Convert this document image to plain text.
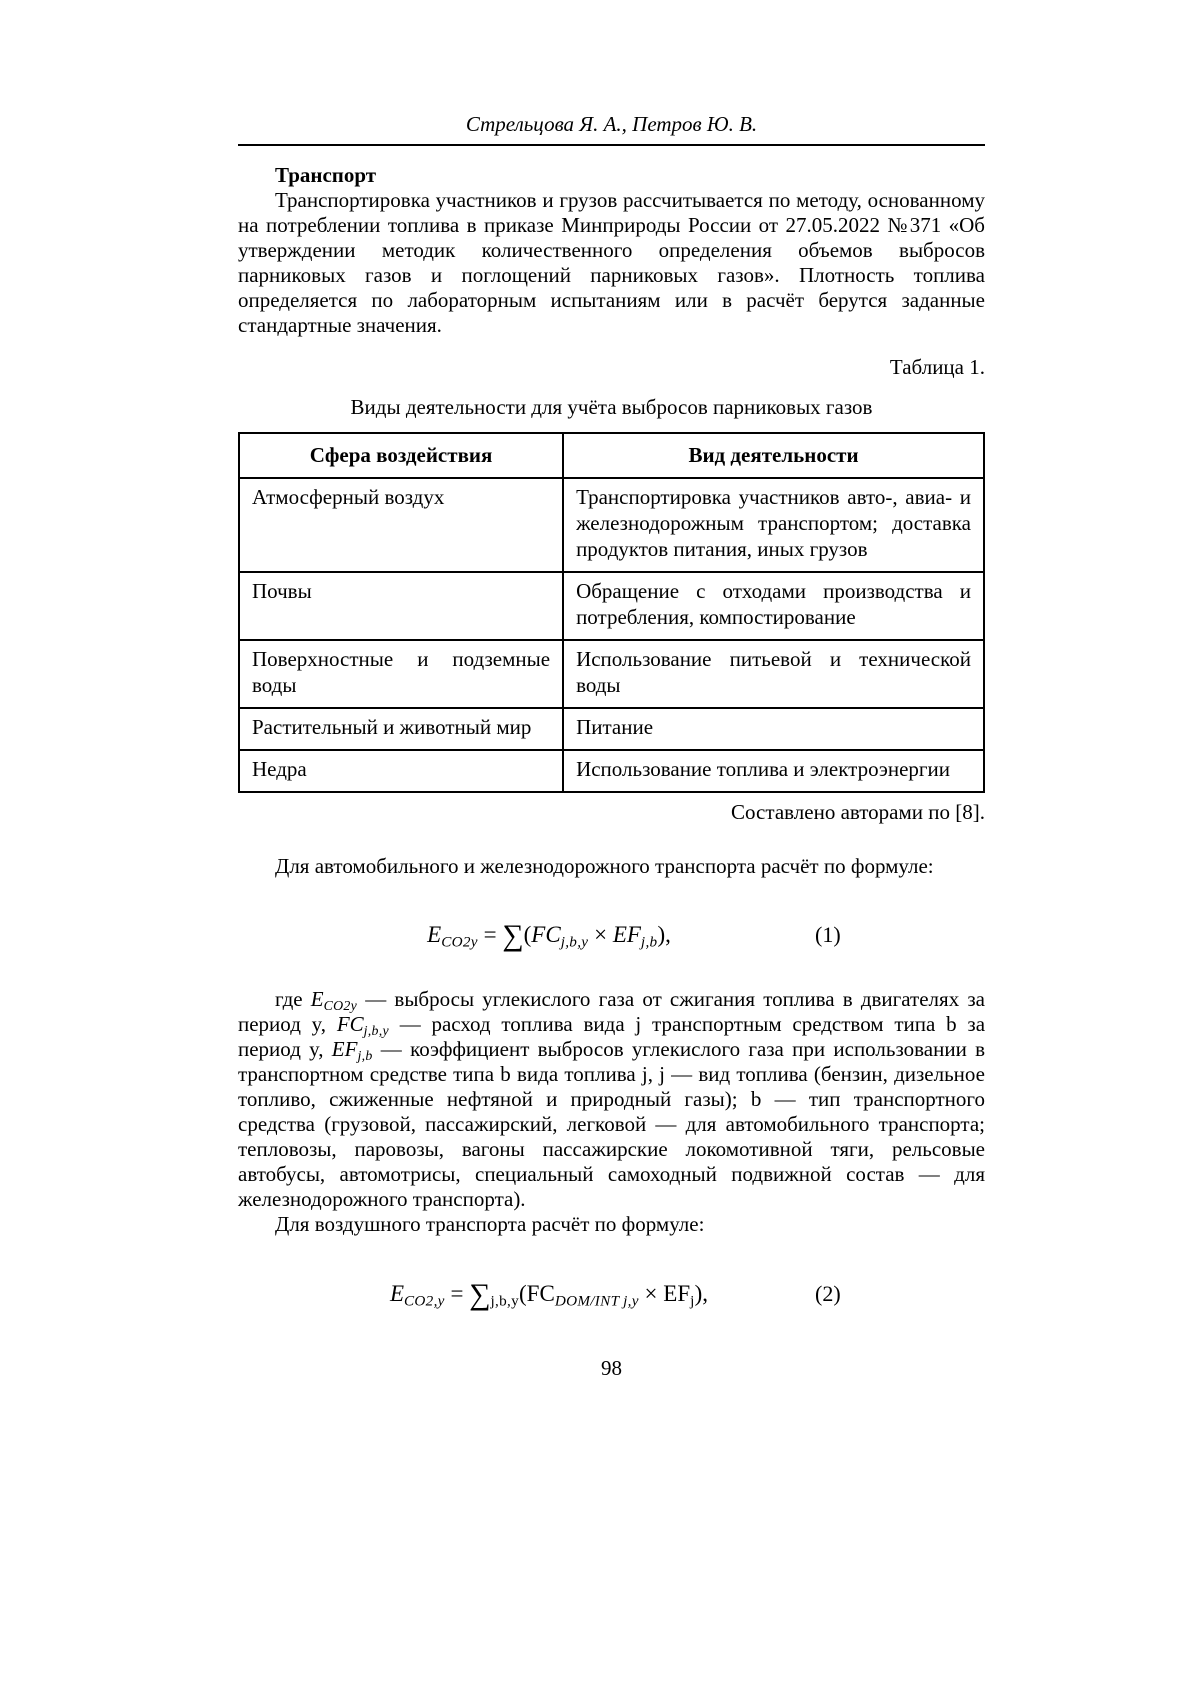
Стрельцова Я. А., Петров Ю. В.
Транспорт

Транспортировка участников и грузов рассчитывается по методу, основанному на потреблении топлива в приказе Минприроды России от 27.05.2022 №371 «Об утверждении методик количественного определения объемов выбросов парниковых газов и поглощений парниковых газов». Плотность топлива определяется по лабораторным испытаниям или в расчёт берутся заданные стандартные значения.

Таблица 1.
Виды деятельности для учёта выбросов парниковых газов
Сфера воздействия	Вид деятельности
Атмосферный воздух	Транспортировка участников авто-, авиа- и железнодорожным транспортом; доставка продуктов питания, иных грузов
Почвы	Обращение с отходами производства и потребления, компостирование
Поверхностные и подземные воды	Использование питьевой и технической воды
Растительный и животный мир	Питание
Недра	Использование топлива и электроэнергии
Составлено авторами по [8].

Для автомобильного и железнодорожного транспорта расчёт по формуле:

$E_{CO2y} = \sum(FC_{j,b,y} \times EF_{j,b})$,	(1)

где $E_{CO2y}$ — выбросы углекислого газа от сжигания топлива в двигателях за период y, $FC_{j,b,y}$ — расход топлива вида j транспортным средством типа b за период y, $EF_{j,b}$ — коэффициент выбросов углекислого газа при использовании в транспортном средстве типа b вида топлива j, j — вид топлива (бензин, дизельное топливо, сжиженные нефтяной и природный газы); b — тип транспортного средства (грузовой, пассажирский, легковой — для автомобильного транспорта; тепловозы, паровозы, вагоны пассажирские локомотивной тяги, рельсовые автобусы, автомотрисы, специальный самоходный подвижной состав — для железнодорожного транспорта).

Для воздушного транспорта расчёт по формуле:

$E_{CO2,y} = \sum_{j,b,y}(FC_{DOM/INT j,y} \times EF_j)$,	(2)
98
